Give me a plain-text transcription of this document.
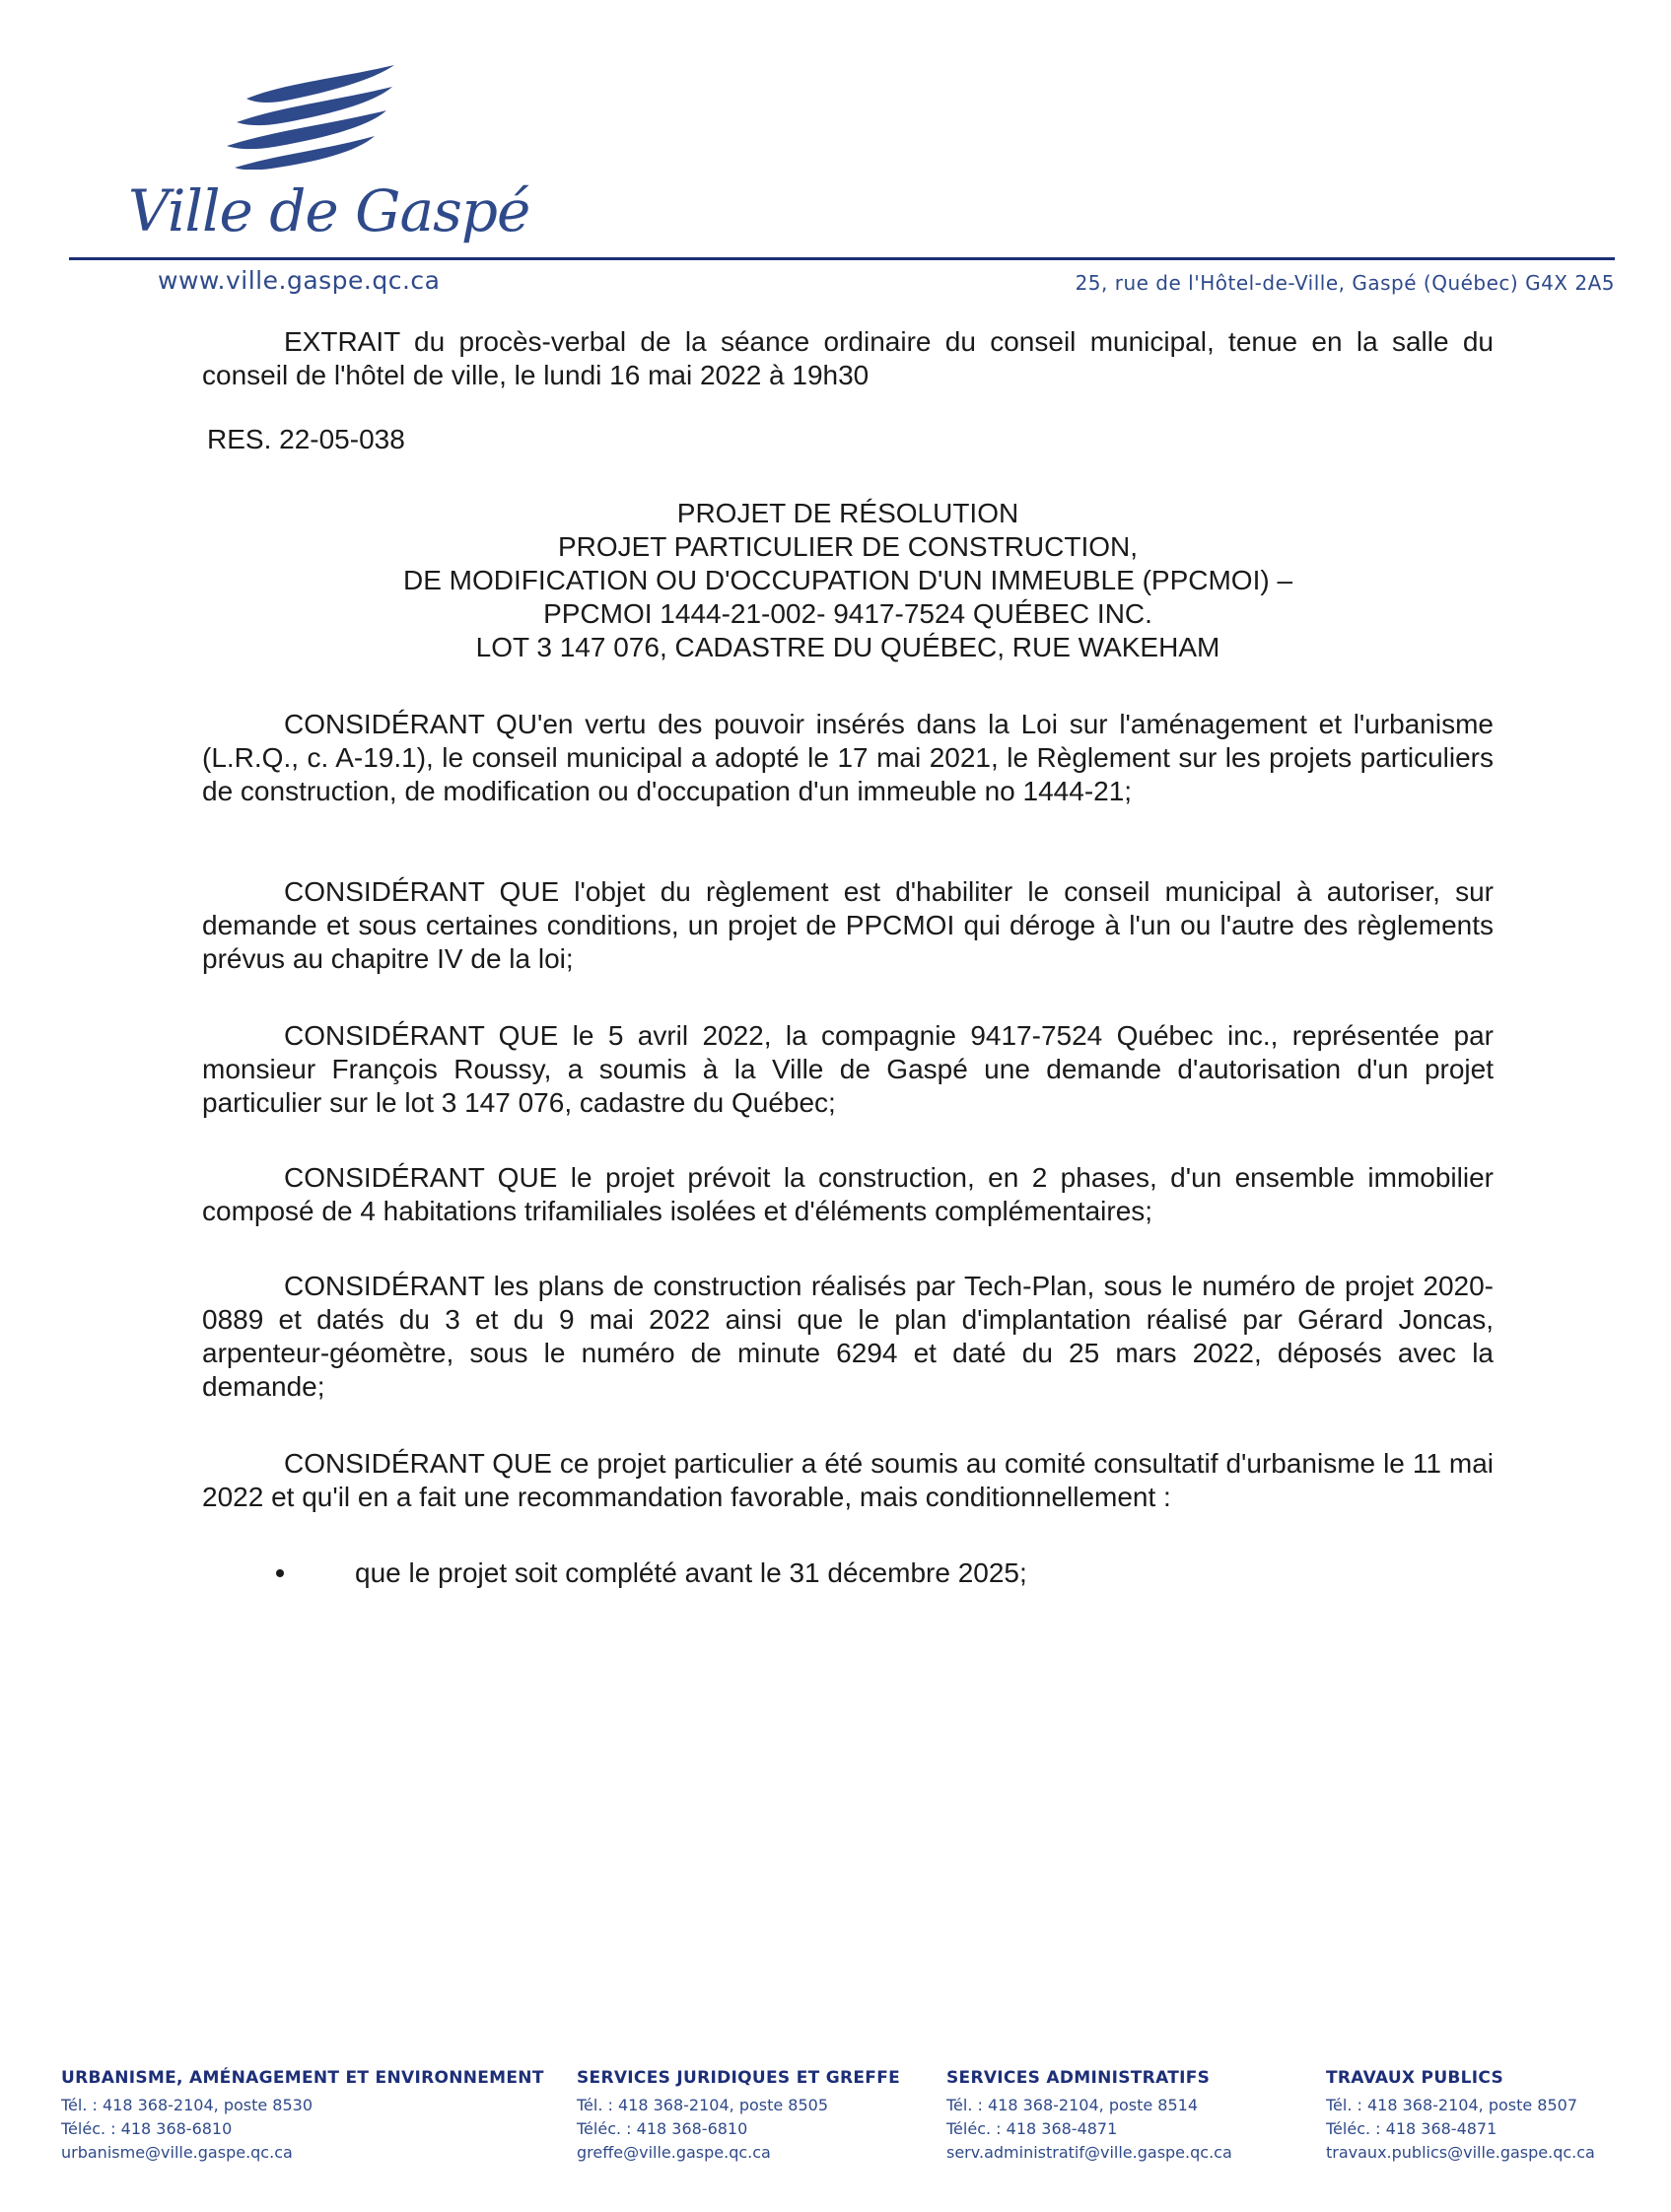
Ville de Gaspé
www.ville.gaspe.qc.ca	25, rue de l'Hôtel-de-Ville, Gaspé (Québec) G4X 2A5

EXTRAIT du procès-verbal de la séance ordinaire du conseil municipal, tenue en la salle du conseil de l'hôtel de ville, le lundi 16 mai 2022 à 19h30

RES. 22-05-038
PROJET DE RÉSOLUTION
PROJET PARTICULIER DE CONSTRUCTION,
DE MODIFICATION OU D'OCCUPATION D'UN IMMEUBLE (PPCMOI) –
PPCMOI 1444-21-002- 9417-7524 QUÉBEC INC.
LOT 3 147 076, CADASTRE DU QUÉBEC, RUE WAKEHAM

CONSIDÉRANT QU'en vertu des pouvoir insérés dans la Loi sur l'aménagement et l'urbanisme (L.R.Q., c. A-19.1), le conseil municipal a adopté le 17 mai 2021, le Règlement sur les projets particuliers de construction, de modification ou d'occupation d'un immeuble no 1444-21;

CONSIDÉRANT QUE l'objet du règlement est d'habiliter le conseil municipal à autoriser, sur demande et sous certaines conditions, un projet de PPCMOI qui déroge à l'un ou l'autre des règlements prévus au chapitre IV de la loi;

CONSIDÉRANT QUE le 5 avril 2022, la compagnie 9417-7524 Québec inc., représentée par monsieur François Roussy, a soumis à la Ville de Gaspé une demande d'autorisation d'un projet particulier sur le lot 3 147 076, cadastre du Québec;

CONSIDÉRANT QUE le projet prévoit la construction, en 2 phases, d'un ensemble immobilier composé de 4 habitations trifamiliales isolées et d'éléments complémentaires;

CONSIDÉRANT les plans de construction réalisés par Tech-Plan, sous le numéro de projet 2020-0889 et datés du 3 et du 9 mai 2022 ainsi que le plan d'implantation réalisé par Gérard Joncas, arpenteur-géomètre, sous le numéro de minute 6294 et daté du 25 mars 2022, déposés avec la demande;

CONSIDÉRANT QUE ce projet particulier a été soumis au comité consultatif d'urbanisme le 11 mai 2022 et qu'il en a fait une recommandation favorable, mais conditionnellement :

que le projet soit complété avant le 31 décembre 2025;
URBANISME, AMÉNAGEMENT ET ENVIRONNEMENT
Tél. : 418 368-2104, poste 8530
Téléc. : 418 368-6810
urbanisme@ville.gaspe.qc.ca
SERVICES JURIDIQUES ET GREFFE
Tél. : 418 368-2104, poste 8505
Téléc. : 418 368-6810
greffe@ville.gaspe.qc.ca
SERVICES ADMINISTRATIFS
Tél. : 418 368-2104, poste 8514
Téléc. : 418 368-4871
serv.administratif@ville.gaspe.qc.ca
TRAVAUX PUBLICS
Tél. : 418 368-2104, poste 8507
Téléc. : 418 368-4871
travaux.publics@ville.gaspe.qc.ca
